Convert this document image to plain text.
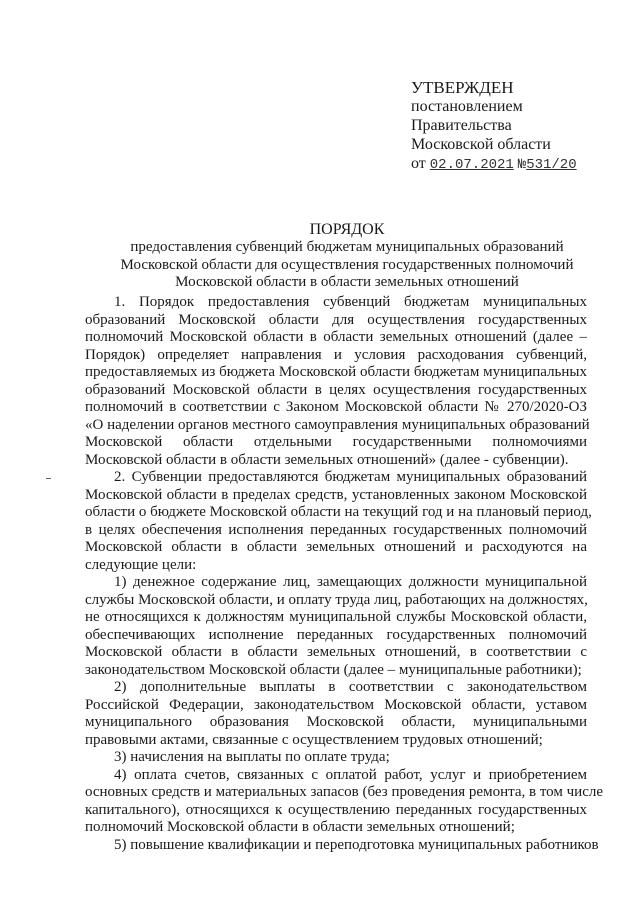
УТВЕРЖДЕН
постановлением
Правительства
Московской области
от 02.07.2021 №531/20
ПОРЯДОК
предоставления субвенций бюджетам муниципальных образований
Московской области для осуществления государственных полномочий
Московской области в области земельных отношений
1. Порядок предоставления субвенций бюджетам муниципальных
образований Московской области для осуществления государственных
полномочий Московской области в области земельных отношений (далее –
Порядок) определяет направления и условия расходования субвенций,
предоставляемых из бюджета Московской области бюджетам муниципальных
образований Московской области в целях осуществления государственных
полномочий в соответствии с Законом Московской области № 270/2020-ОЗ
«О наделении органов местного самоуправления муниципальных образований
Московской области отдельными государственными полномочиями
Московской области в области земельных отношений» (далее - субвенции).
2. Субвенции предоставляются бюджетам муниципальных образований
Московской области в пределах средств, установленных законом Московской
области о бюджете Московской области на текущий год и на плановый период,
в целях обеспечения исполнения переданных государственных полномочий
Московской области в области земельных отношений и расходуются на
следующие цели:
1) денежное содержание лиц, замещающих должности муниципальной
службы Московской области, и оплату труда лиц, работающих на должностях,
не относящихся к должностям муниципальной службы Московской области,
обеспечивающих исполнение переданных государственных полномочий
Московской области в области земельных отношений, в соответствии с
законодательством Московской области (далее – муниципальные работники);
2) дополнительные выплаты в соответствии с законодательством
Российской Федерации, законодательством Московской области, уставом
муниципального образования Московской области, муниципальными
правовыми актами, связанные с осуществлением трудовых отношений;
3) начисления на выплаты по оплате труда;
4) оплата счетов, связанных с оплатой работ, услуг и приобретением
основных средств и материальных запасов (без проведения ремонта, в том числе
капитального), относящихся к осуществлению переданных государственных
полномочий Московской области в области земельных отношений;
5) повышение квалификации и переподготовка муниципальных работников
